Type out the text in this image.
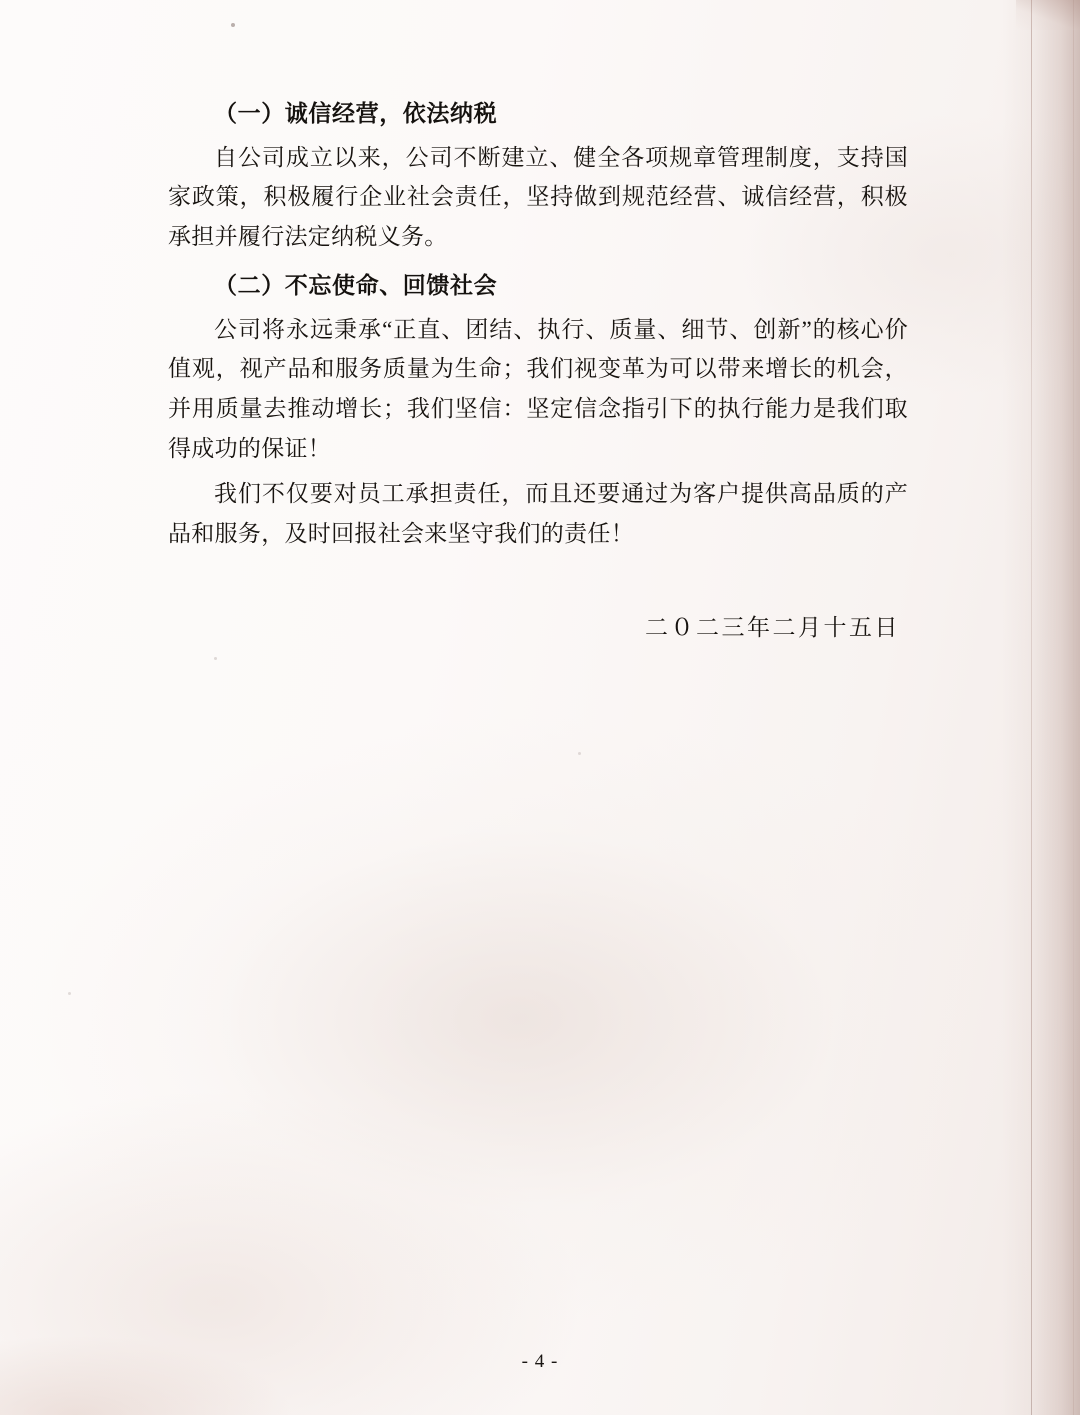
（一）诚信经营，依法纳税

自公司成立以来，公司不断建立、健全各项规章管理制度，支持国家政策，积极履行企业社会责任，坚持做到规范经营、诚信经营，积极承担并履行法定纳税义务。

（二）不忘使命、回馈社会

公司将永远秉承“正直、团结、执行、质量、细节、创新”的核心价值观，视产品和服务质量为生命；我们视变革为可以带来增长的机会，并用质量去推动增长；我们坚信：坚定信念指引下的执行能力是我们取得成功的保证！

我们不仅要对员工承担责任，而且还要通过为客户提供高品质的产品和服务，及时回报社会来坚守我们的责任！

二０二三年二月十五日
- 4 -
